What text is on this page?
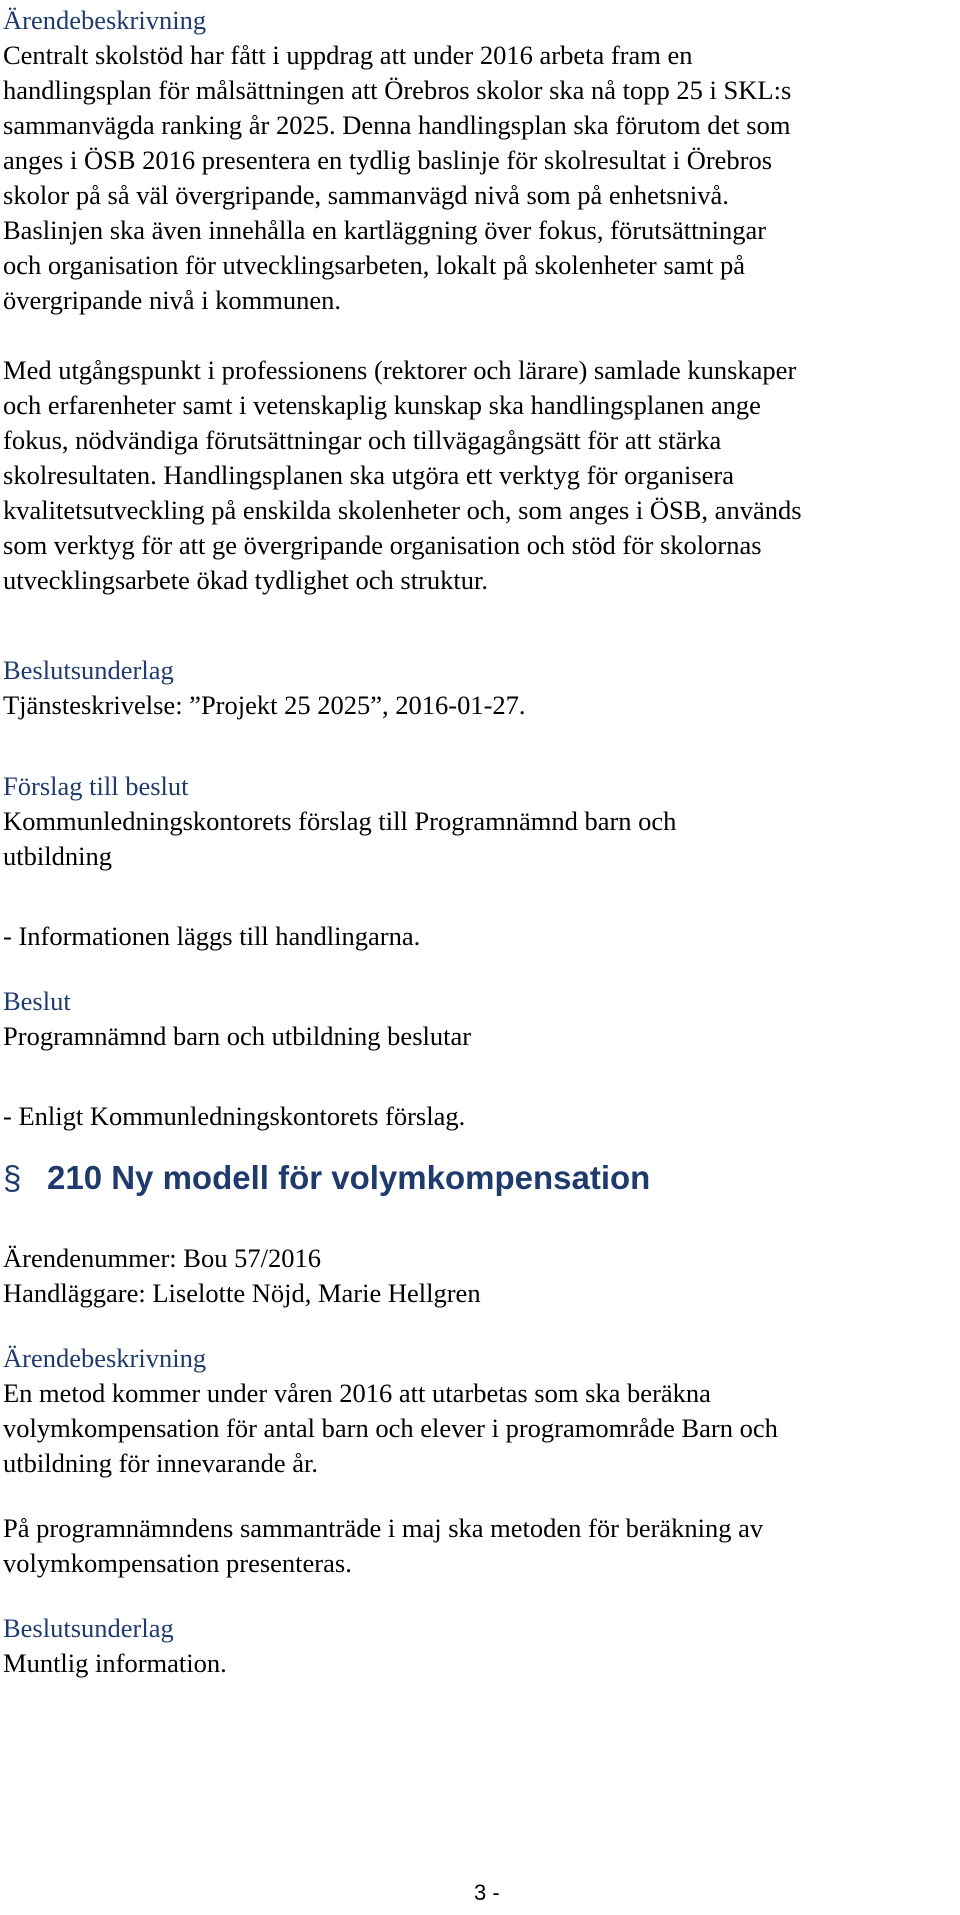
Ärendebeskrivning

Centralt skolstöd har fått i uppdrag att under 2016 arbeta fram en

handlingsplan för målsättningen att Örebros skolor ska nå topp 25 i SKL:s

sammanvägda ranking år 2025. Denna handlingsplan ska förutom det som

anges i ÖSB 2016 presentera en tydlig baslinje för skolresultat i Örebros

skolor på så väl övergripande, sammanvägd nivå som på enhetsnivå.

Baslinjen ska även innehålla en kartläggning över fokus, förutsättningar

och organisation för utvecklingsarbeten, lokalt på skolenheter samt på

övergripande nivå i kommunen.

Med utgångspunkt i professionens (rektorer och lärare) samlade kunskaper

och erfarenheter samt i vetenskaplig kunskap ska handlingsplanen ange

fokus, nödvändiga förutsättningar och tillvägagångsätt för att stärka

skolresultaten. Handlingsplanen ska utgöra ett verktyg för organisera

kvalitetsutveckling på enskilda skolenheter och, som anges i ÖSB, används

som verktyg för att ge övergripande organisation och stöd för skolornas

utvecklingsarbete ökad tydlighet och struktur.

Beslutsunderlag

Tjänsteskrivelse: ”Projekt 25 2025”, 2016-01-27.

Förslag till beslut

Kommunledningskontorets förslag till Programnämnd barn och

utbildning

- Informationen läggs till handlingarna.

Beslut

Programnämnd barn och utbildning beslutar

- Enligt Kommunledningskontorets förslag.

§ 210 Ny modell för volymkompensation

Ärendenummer: Bou 57/2016

Handläggare: Liselotte Nöjd, Marie Hellgren

Ärendebeskrivning

En metod kommer under våren 2016 att utarbetas som ska beräkna

volymkompensation för antal barn och elever i programområde Barn och

utbildning för innevarande år.

På programnämndens sammanträde i maj ska metoden för beräkning av

volymkompensation presenteras.

Beslutsunderlag

Muntlig information.

3 -
